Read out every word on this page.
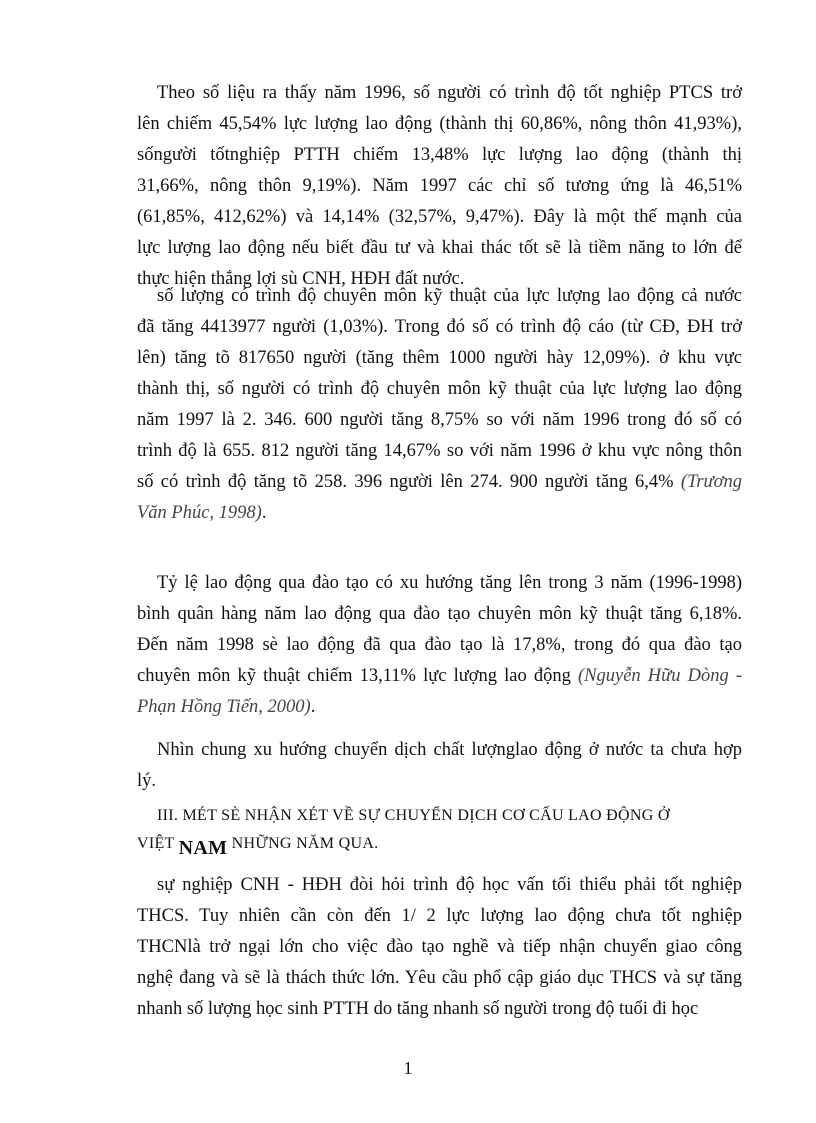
Theo số liệu ra thấy năm 1996, số người có trình độ tốt nghiệp PTCS trở
lên chiếm 45,54% lực lượng lao động (thành thị 60,86%, nông thôn 41,93%),
sốngười tốtnghiệp PTTH chiếm 13,48% lực lượng lao động (thành thị
31,66%, nông thôn 9,19%). Năm 1997 các chỉ số tương ứng là 46,51%
(61,85%, 412,62%) và 14,14% (32,57%, 9,47%). Đây là một thế mạnh của
lực lượng lao động nếu biết đầu tư và khai thác tốt sẽ là tiềm năng to lớn để
thực hiện thắng lợi sù CNH, HĐH đất nước.

số lượng có trình độ chuyên môn kỹ thuật của lực lượng lao động cả nước
đã tăng 4413977 người (1,03%). Trong đó số có trình độ cáo (từ CĐ, ĐH trở
lên) tăng tõ 817650 người (tăng thêm 1000 người hày 12,09%). ở khu vực
thành thị, số người có trình độ chuyên môn kỹ thuật của lực lượng lao động
năm 1997 là 2. 346. 600 người tăng 8,75% so với năm 1996 trong đó số có
trình độ là 655. 812 người tăng 14,67% so với năm 1996 ở khu vực nông thôn
số có trình độ tăng tõ 258. 396 người lên 274. 900 người tăng 6,4% (Trương
Văn Phúc, 1998).

Tỷ lệ lao động qua đào tạo có xu hướng tăng lên trong 3 năm (1996-1998)
bình quân hàng năm lao động qua đào tạo chuyên môn kỹ thuật tăng 6,18%.
Đến năm 1998 sè lao động đã qua đào tạo là 17,8%, trong đó qua đào tạo
chuyên môn kỹ thuật chiếm 13,11% lực lượng lao động (Nguyễn Hữu Dòng -
Phạn Hồng Tiến, 2000).

Nhìn chung xu hướng chuyển dịch chất lượnglao động ở nước ta chưa hợp
lý.

III. MÉT SÈ NHẬN XÉT VỀ SỰ CHUYỂN DỊCH CƠ CẤU LAO ĐỘNG Ở
VIỆT NAM NHỮNG NĂM QUA.

sự nghiệp CNH - HĐH đòi hỏi trình độ học vấn tối thiểu phải tốt nghiệp
THCS. Tuy nhiên cần còn đến 1/ 2 lực lượng lao động chưa tốt nghiệp
THCNlà trở ngại lớn cho việc đào tạo nghề và tiếp nhận chuyển giao công
nghệ đang và sẽ là thách thức lớn. Yêu cầu phổ cập giáo dục THCS và sự tăng
nhanh số lượng học sinh PTTH do tăng nhanh số người trong độ tuổi đi học

1
